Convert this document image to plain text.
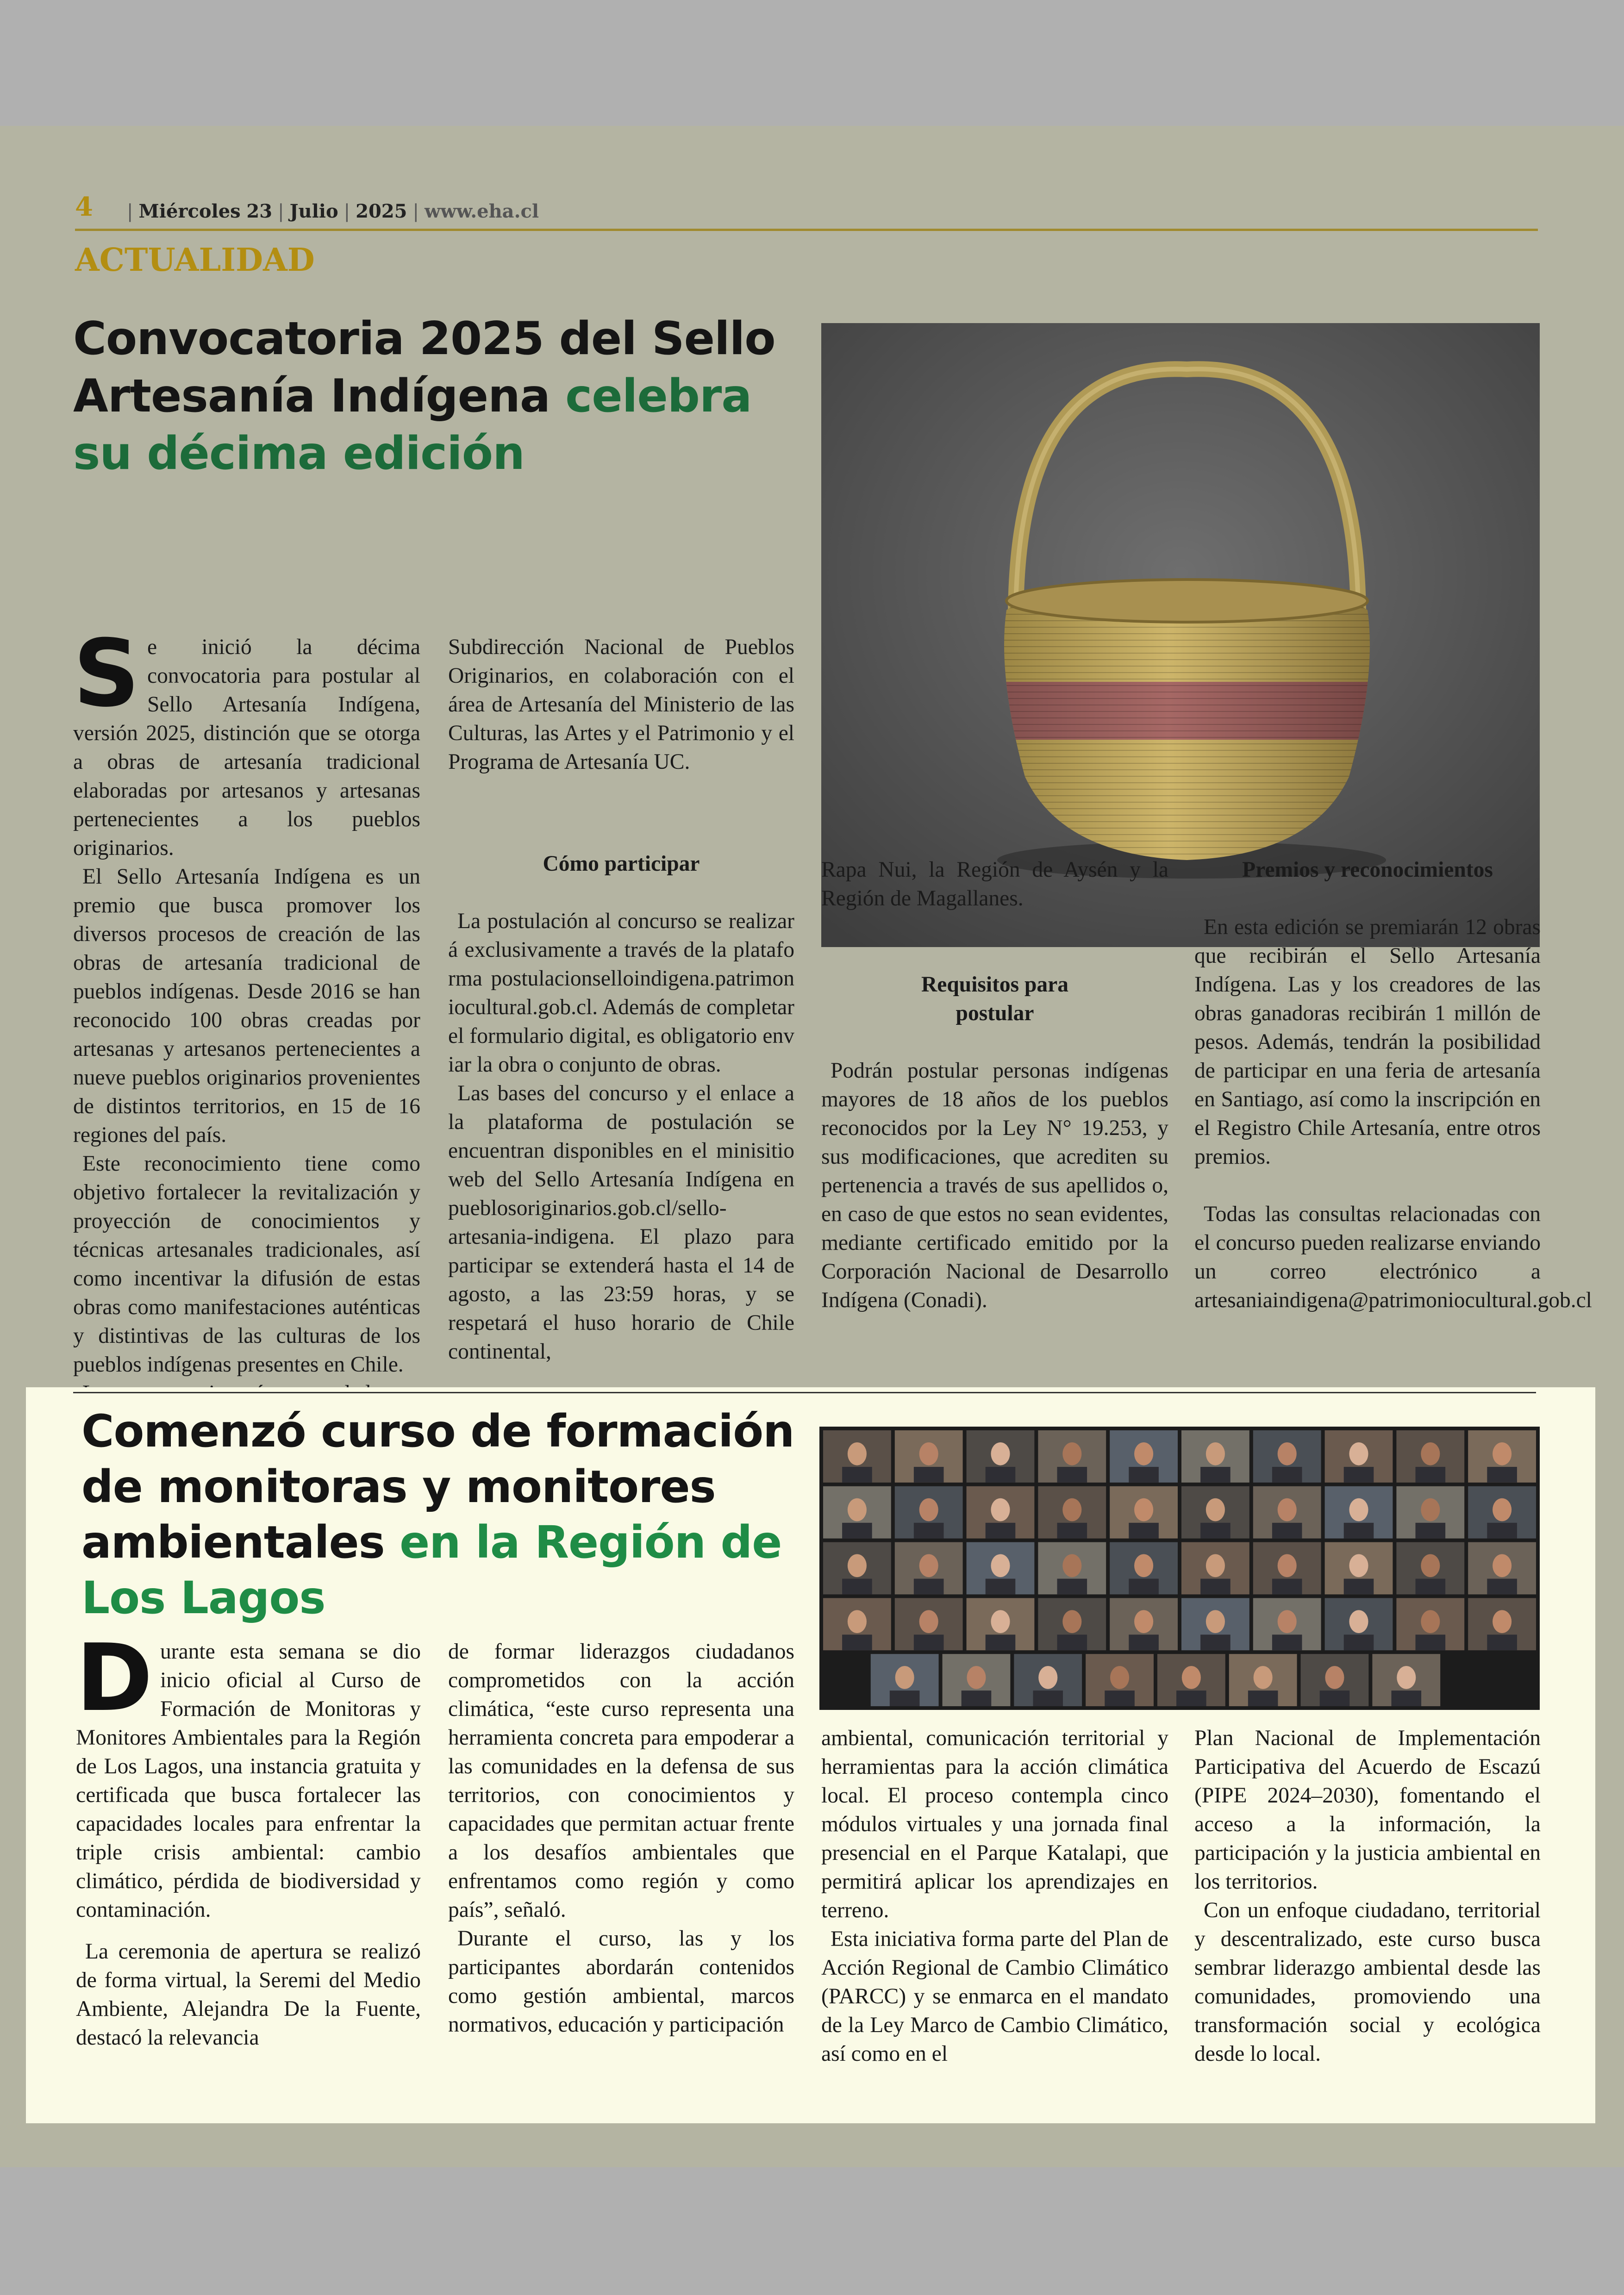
4	| Miércoles
23 | Julio | 2025 | www.eha.cl
ACTUALIDAD
Convocatoria 2025 del Sello Artesanía Indígena celebra su décima edición
S e inició la décima convocatoria para postular al Sello Artesanía Indígena, versión 2025, distinción que se otorga a obras de artesanía tradicional elaboradas por artesanos y artesanas pertenecientes a los pueblos originarios.

El Sello Artesanía Indígena es un premio que busca promover los diversos procesos de creación de las obras de artesanía tradicional de pueblos indígenas. Desde 2016 se han reconocido 100 obras creadas por artesanas y artesanos pertenecientes a nueve pueblos originarios provenientes de distintos territorios, en 15 de 16 regiones del país.

Este reconocimiento tiene como objetivo fortalecer la revitalización y proyección de conocimientos y técnicas artesanales tradicionales, así como incentivar la difusión de estas obras como manifestaciones auténticas y distintivas de las culturas de los pueblos indígenas presentes en Chile.

Subdirección Nacional de Pueblos Originarios, en colaboración con el área de Artesanía del Ministerio de las Culturas, las Artes y el Patrimonio y el Programa de Artesanía UC.

Cómo participar

La postulación al concurso se realizará exclusivamente a través de la plataforma postulacionselloindigena.patrimoniocultural.gob.cl. Además de completar el formulario digital, es obligatorio enviar la obra o conjunto de obras.

Las bases del concurso y el enlace a la plataforma de postulación se encuentran disponibles en el minisitio web del Sello Artesanía Indígena en pueblosoriginarios.gob.cl/sello-artesania-indigena. El plazo para participar se extenderá hasta el 14 de agosto, a las 23:59 horas, y se respetará el huso horario de Chile continental,

Rapa Nui, la Región de Aysén y la Región de Magallanes.

Requisitos para postular

Podrán postular personas indígenas mayores de 18 años de los pueblos reconocidos por la Ley N° 19.253, y sus modificaciones, que acrediten su pertenencia a través de sus apellidos o, en caso de que estos no sean evidentes, mediante certificado emitido por la Corporación Nacional de Desarrollo Indígena (Conadi).

Premios y reconocimientos

En esta edición se premiarán 12 obras que recibirán el Sello Artesanía Indígena. Las y los creadores de las obras ganadoras recibirán 1 millón de pesos. Además, tendrán la posibilidad de participar en una feria de artesanía en Santiago, así como la inscripción en el Registro Chile Artesanía, entre otros premios.

Todas las consultas relacionadas con el concurso pueden realizarse enviando un correo electrónico a artesaniaindigena@patrimoniocultural.gob.cl

Comenzó curso de formación de monitoras y monitores ambientales en la Región de Los Lagos
D urante esta semana se dio inicio oficial al Curso de Formación de Monitoras y Monitores Ambientales para la Región de Los Lagos, una instancia gratuita y certificada que busca fortalecer las capacidades locales para enfrentar la triple crisis ambiental: cambio climático, pérdida de biodiversidad y contaminación.

La ceremonia de apertura se realizó de forma virtual, la Seremi del Medio Ambiente, Alejandra De la Fuente, destacó la relevancia

de formar liderazgos ciudadanos comprometidos con la acción climática, “este curso representa una herramienta concreta para empoderar a las comunidades en la defensa de sus territorios, con conocimientos y capacidades que permitan actuar frente a los desafíos ambientales que enfrentamos como región y como país”, señaló.

Durante el curso, las y los participantes abordarán contenidos como gestión ambiental, marcos normativos, educación y participación

ambiental, comunicación territorial y herramientas para la acción climática local. El proceso contempla cinco módulos virtuales y una jornada final presencial en el Parque Katalapi, que permitirá aplicar los aprendizajes en terreno.

Esta iniciativa forma parte del Plan de Acción Regional de Cambio Climático (PARCC) y se enmarca en el mandato de la Ley Marco de Cambio Climático, así como en el

Plan Nacional de Implementación Participativa del Acuerdo de Escazú (PIPE 2024–2030), fomentando el acceso a la información, la participación y la justicia ambiental en los territorios.

Con un enfoque ciudadano, territorial y descentralizado, este curso busca sembrar liderazgo ambiental desde las comunidades, promoviendo una transformación social y ecológica desde lo local.
